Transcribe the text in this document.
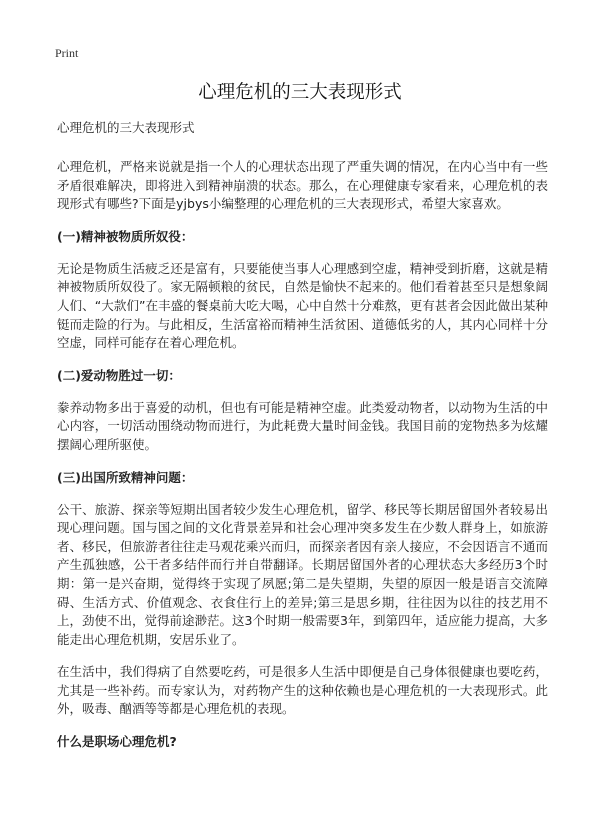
Print
心理危机的三大表现形式

心理危机的三大表现形式

心理危机，严格来说就是指一个人的心理状态出现了严重失调的情况，在内心当中有一些矛盾很难解决，即将进入到精神崩溃的状态。那么，在心理健康专家看来，心理危机的表现形式有哪些?下面是yjbys小编整理的心理危机的三大表现形式，希望大家喜欢。

(一)精神被物质所奴役：

无论是物质生活疲乏还是富有，只要能使当事人心理感到空虚，精神受到折磨，这就是精神被物质所奴役了。家无隔顿粮的贫民，自然是愉快不起来的。他们看着甚至只是想象阔人们、“大款们”在丰盛的餐桌前大吃大喝，心中自然十分难熬，更有甚者会因此做出某种铤而走险的行为。与此相反，生活富裕而精神生活贫困、道德低劣的人，其内心同样十分空虚，同样可能存在着心理危机。

(二)爱动物胜过一切：

豢养动物多出于喜爱的动机，但也有可能是精神空虚。此类爱动物者，以动物为生活的中心内容，一切活动围绕动物而进行，为此耗费大量时间金钱。我国目前的宠物热多为炫耀摆阔心理所驱使。

(三)出国所致精神问题：

公干、旅游、探亲等短期出国者较少发生心理危机，留学、移民等长期居留国外者较易出现心理问题。国与国之间的文化背景差异和社会心理冲突多发生在少数人群身上，如旅游者、移民，但旅游者往往走马观花乘兴而归，而探亲者因有亲人接应，不会因语言不通而产生孤独感，公干者多结伴而行并自带翻译。长期居留国外者的心理状态大多经历3个时期：第一是兴奋期，觉得终于实现了夙愿;第二是失望期，失望的原因一般是语言交流障碍、生活方式、价值观念、衣食住行上的差异;第三是思乡期，往往因为以往的技艺用不上，劲使不出，觉得前途渺茫。这3个时期一般需要3年，到第四年，适应能力提高，大多能走出心理危机期，安居乐业了。

在生活中，我们得病了自然要吃药，可是很多人生活中即便是自己身体很健康也要吃药，尤其是一些补药。而专家认为，对药物产生的这种依赖也是心理危机的一大表现形式。此外，吸毒、酗酒等等都是心理危机的表现。

什么是职场心理危机?
